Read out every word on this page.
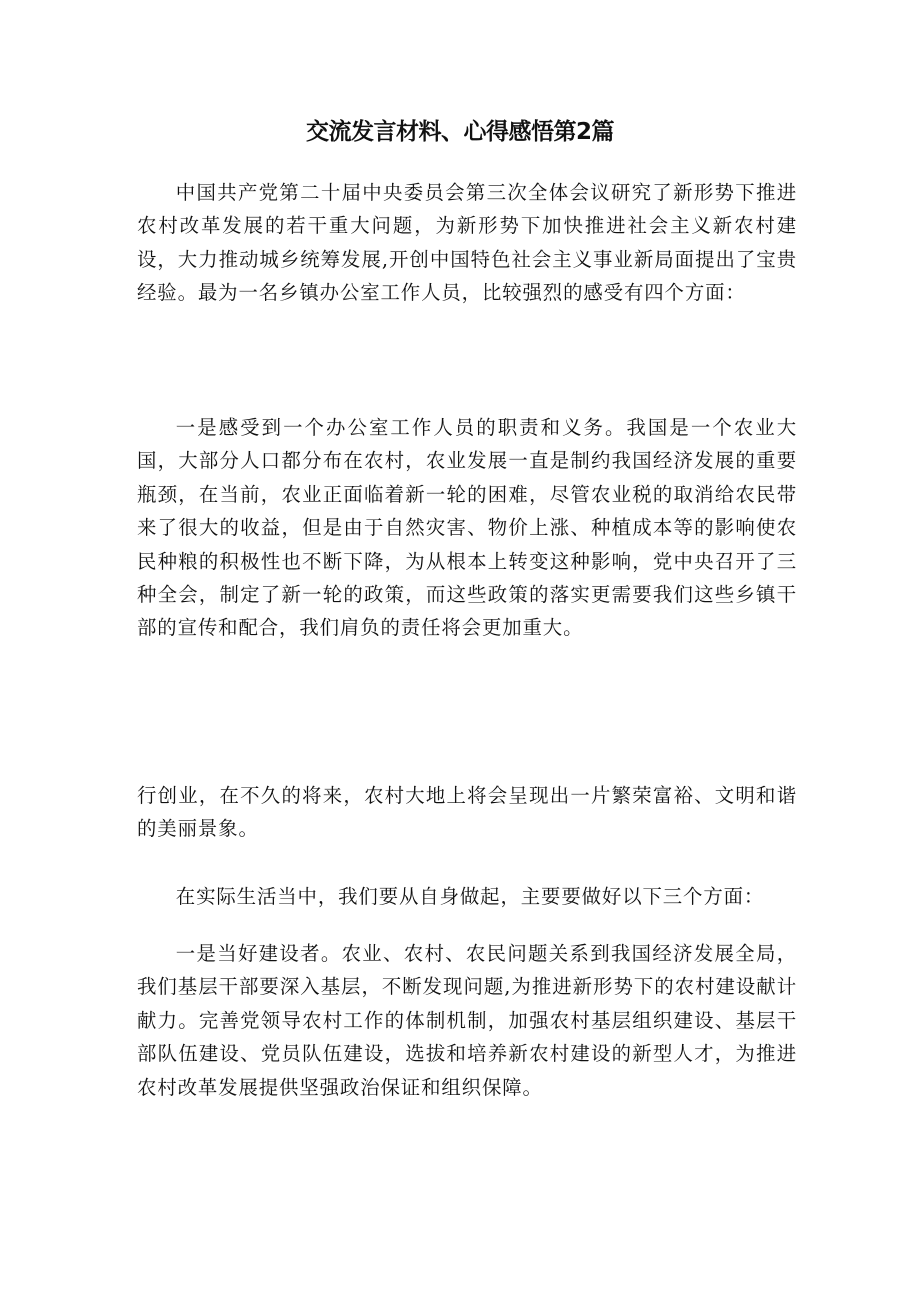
交流发言材料、心得感悟第2篇

中国共产党第二十届中央委员会第三次全体会议研究了新形势下推进农村改革发展的若干重大问题，为新形势下加快推进社会主义新农村建设，大力推动城乡统筹发展,开创中国特色社会主义事业新局面提出了宝贵经验。最为一名乡镇办公室工作人员，比较强烈的感受有四个方面：

一是感受到一个办公室工作人员的职责和义务。我国是一个农业大国，大部分人口都分布在农村，农业发展一直是制约我国经济发展的重要瓶颈，在当前，农业正面临着新一轮的困难，尽管农业税的取消给农民带来了很大的收益，但是由于自然灾害、物价上涨、种植成本等的影响使农民种粮的积极性也不断下降，为从根本上转变这种影响，党中央召开了三种全会，制定了新一轮的政策，而这些政策的落实更需要我们这些乡镇干部的宣传和配合，我们肩负的责任将会更加重大。

行创业，在不久的将来，农村大地上将会呈现出一片繁荣富裕、文明和谐的美丽景象。

在实际生活当中，我们要从自身做起，主要要做好以下三个方面：

一是当好建设者。农业、农村、农民问题关系到我国经济发展全局，我们基层干部要深入基层，不断发现问题,为推进新形势下的农村建设献计献力。完善党领导农村工作的体制机制，加强农村基层组织建设、基层干部队伍建设、党员队伍建设，选拔和培养新农村建设的新型人才，为推进农村改革发展提供坚强政治保证和组织保障。
